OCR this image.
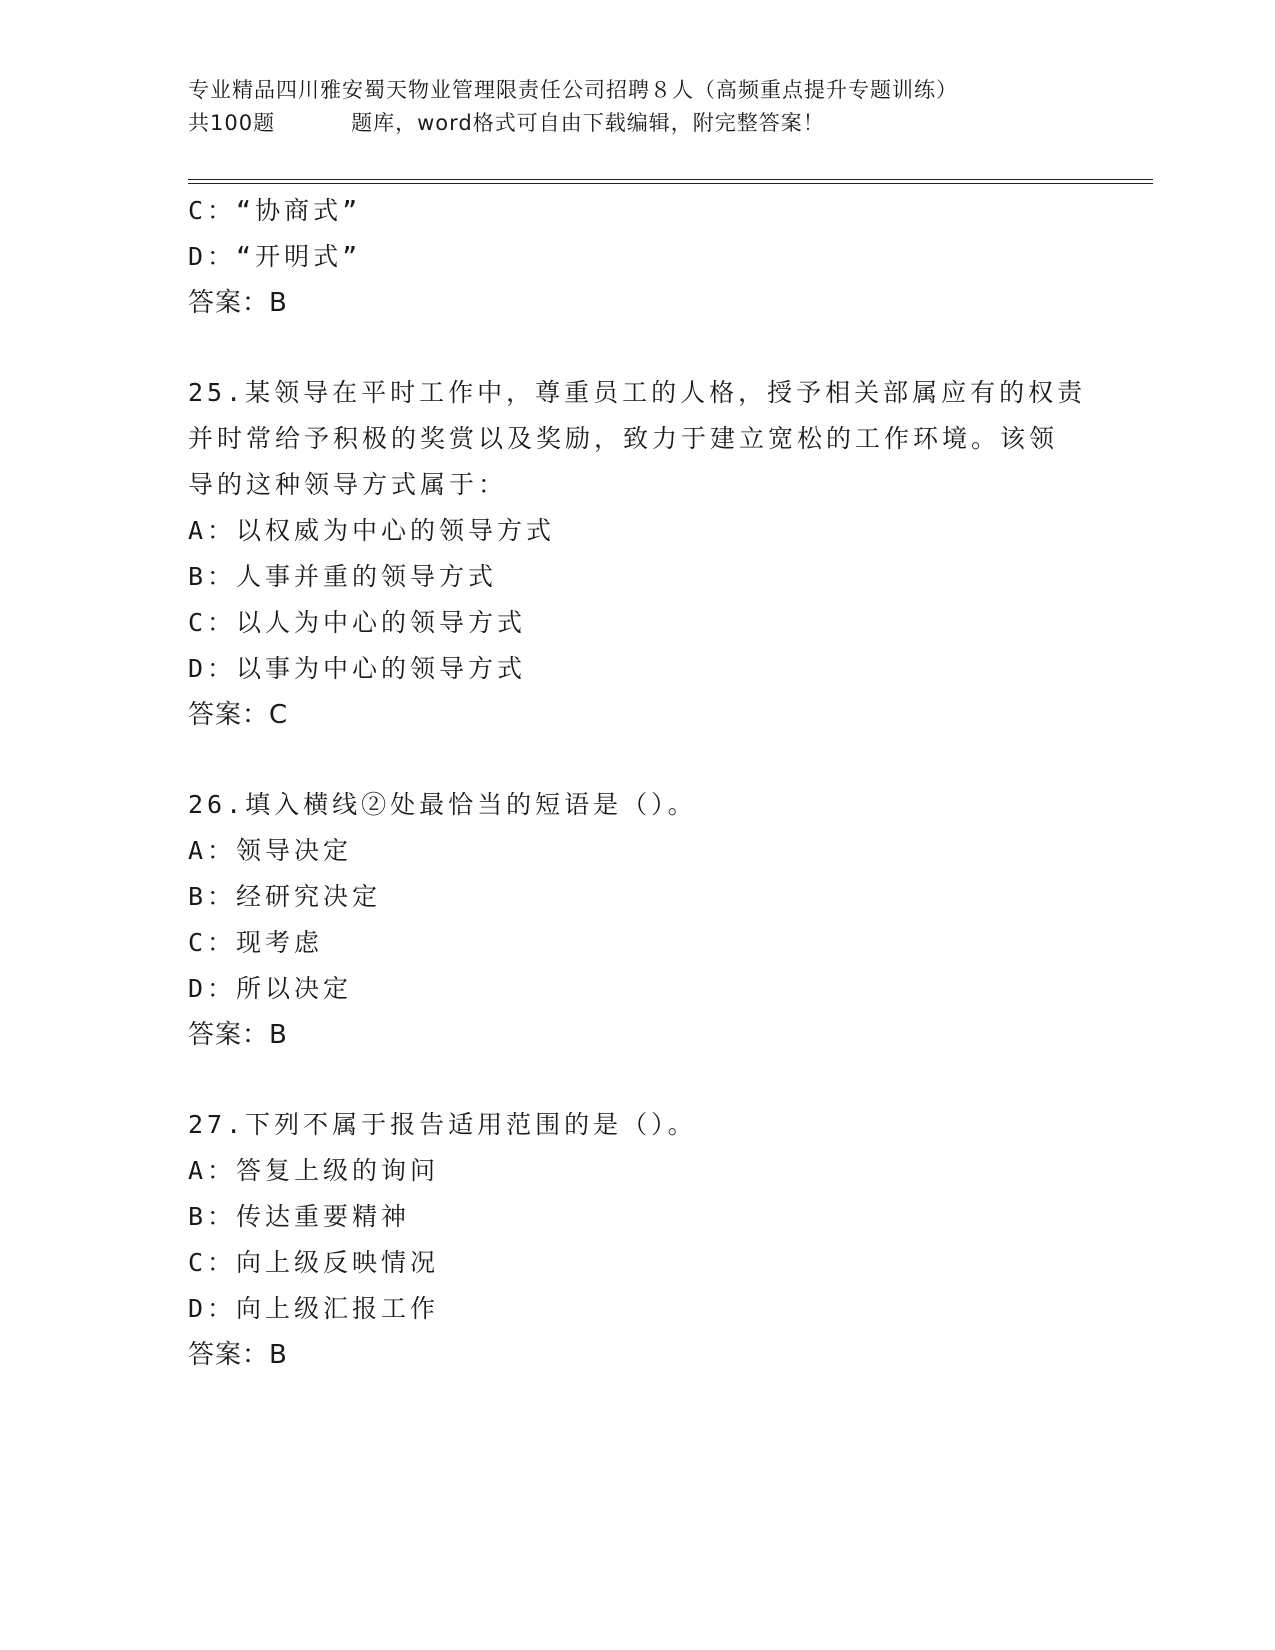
专业精品四川雅安蜀天物业管理限责任公司招聘８人（高频重点提升专题训练）
共100题	题库，word格式可自由下载编辑，附完整答案！
C：“协商式”
D：“开明式”
答案：B
25.某领导在平时工作中，尊重员工的人格，授予相关部属应有的权责
并时常给予积极的奖赏以及奖励，致力于建立宽松的工作环境。该领
导的这种领导方式属于：
A：以权威为中心的领导方式
B：人事并重的领导方式
C：以人为中心的领导方式
D：以事为中心的领导方式
答案：C
26.填入横线②处最恰当的短语是（）。
A：领导决定
B：经研究决定
C：现考虑
D：所以决定
答案：B
27.下列不属于报告适用范围的是（）。
A：答复上级的询问
B：传达重要精神
C：向上级反映情况
D：向上级汇报工作
答案：B
